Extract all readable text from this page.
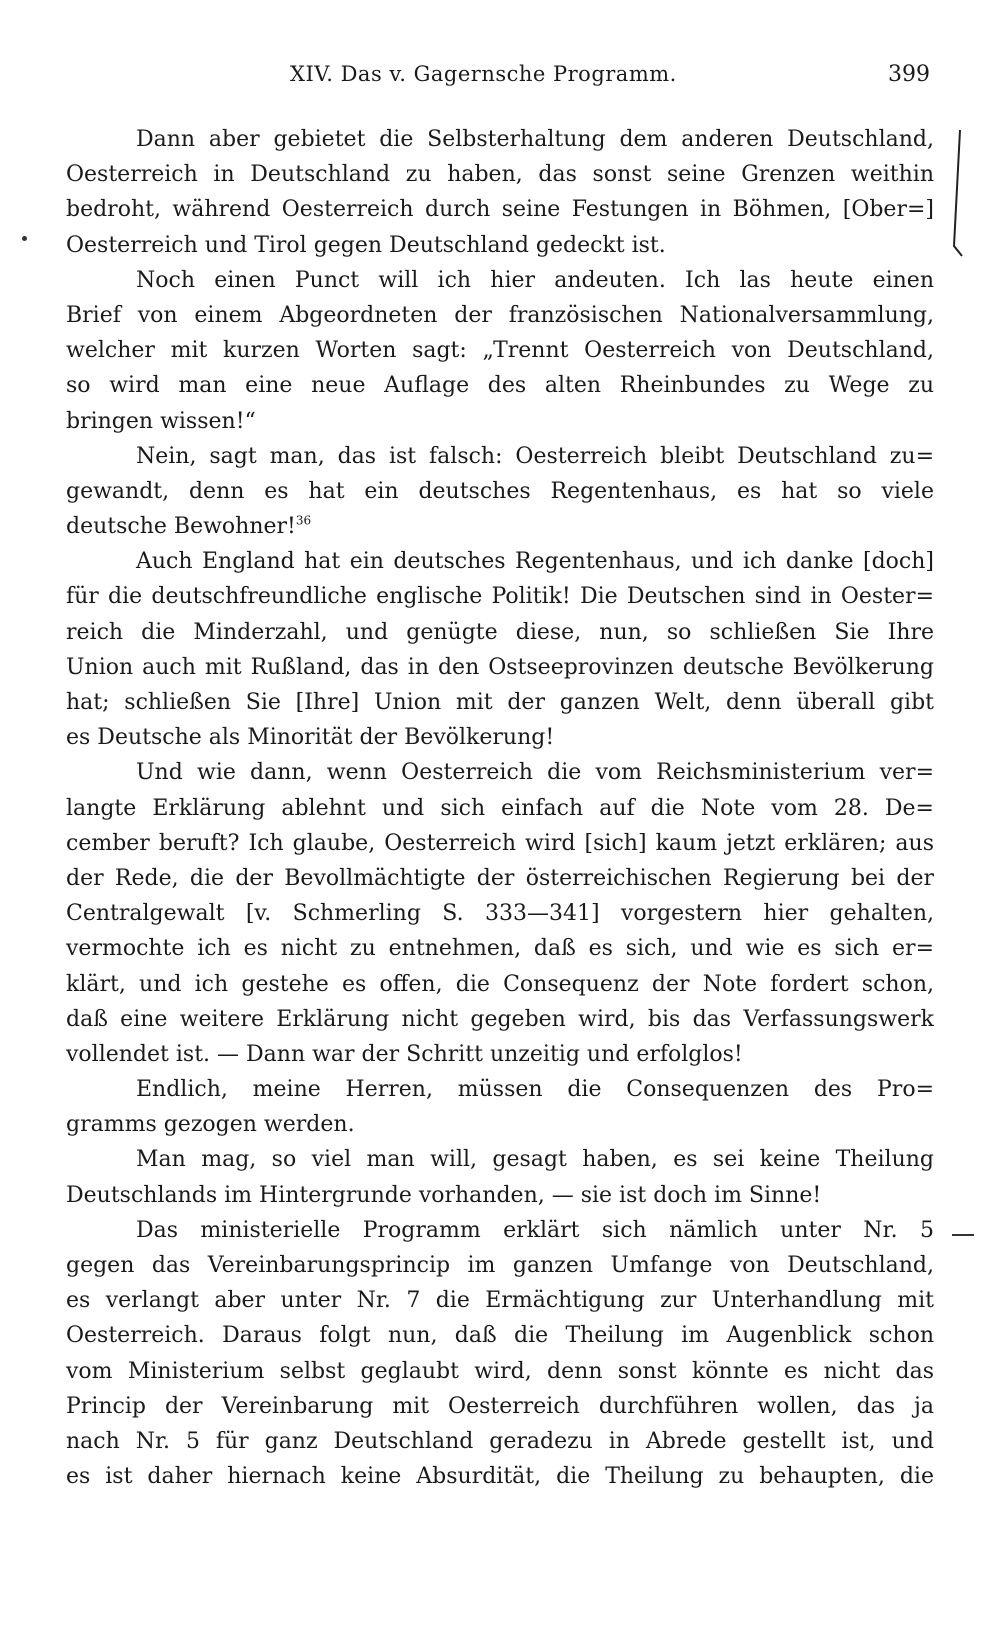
XIV. Das v. Gagernsche Programm.	399
Dann aber gebietet die Selbsterhaltung dem anderen Deutschland,
Oesterreich in Deutschland zu haben, das sonst seine Grenzen weithin
bedroht, während Oesterreich durch seine Festungen in Böhmen, [Ober=]
Oesterreich und Tirol gegen Deutschland gedeckt ist.
Noch einen Punct will ich hier andeuten. Ich las heute einen
Brief von einem Abgeordneten der französischen Nationalversammlung,
welcher mit kurzen Worten sagt: „Trennt Oesterreich von Deutschland,
so wird man eine neue Auflage des alten Rheinbundes zu Wege zu
bringen wissen!“
Nein, sagt man, das ist falsch: Oesterreich bleibt Deutschland zu=
gewandt, denn es hat ein deutsches Regentenhaus, es hat so viele
deutsche Bewohner!$^{36}$
Auch England hat ein deutsches Regentenhaus, und ich danke [doch]
für die deutschfreundliche englische Politik! Die Deutschen sind in Oester=
reich die Minderzahl, und genügte diese, nun, so schließen Sie Ihre
Union auch mit Rußland, das in den Ostseeprovinzen deutsche Bevölkerung
hat; schließen Sie [Ihre] Union mit der ganzen Welt, denn überall gibt
es Deutsche als Minorität der Bevölkerung!
Und wie dann, wenn Oesterreich die vom Reichsministerium ver=
langte Erklärung ablehnt und sich einfach auf die Note vom 28. De=
cember beruft? Ich glaube, Oesterreich wird [sich] kaum jetzt erklären; aus
der Rede, die der Bevollmächtigte der österreichischen Regierung bei der
Centralgewalt [v. Schmerling S. 333—341] vorgestern hier gehalten,
vermochte ich es nicht zu entnehmen, daß es sich, und wie es sich er=
klärt, und ich gestehe es offen, die Consequenz der Note fordert schon,
daß eine weitere Erklärung nicht gegeben wird, bis das Verfassungswerk
vollendet ist. — Dann war der Schritt unzeitig und erfolglos!
Endlich, meine Herren, müssen die Consequenzen des Pro=
gramms gezogen werden.
Man mag, so viel man will, gesagt haben, es sei keine Theilung
Deutschlands im Hintergrunde vorhanden, — sie ist doch im Sinne!
Das ministerielle Programm erklärt sich nämlich unter Nr. 5
gegen das Vereinbarungsprincip im ganzen Umfange von Deutschland,
es verlangt aber unter Nr. 7 die Ermächtigung zur Unterhandlung mit
Oesterreich. Daraus folgt nun, daß die Theilung im Augenblick schon
vom Ministerium selbst geglaubt wird, denn sonst könnte es nicht das
Princip der Vereinbarung mit Oesterreich durchführen wollen, das ja
nach Nr. 5 für ganz Deutschland geradezu in Abrede gestellt ist, und
es ist daher hiernach keine Absurdität, die Theilung zu behaupten, die
